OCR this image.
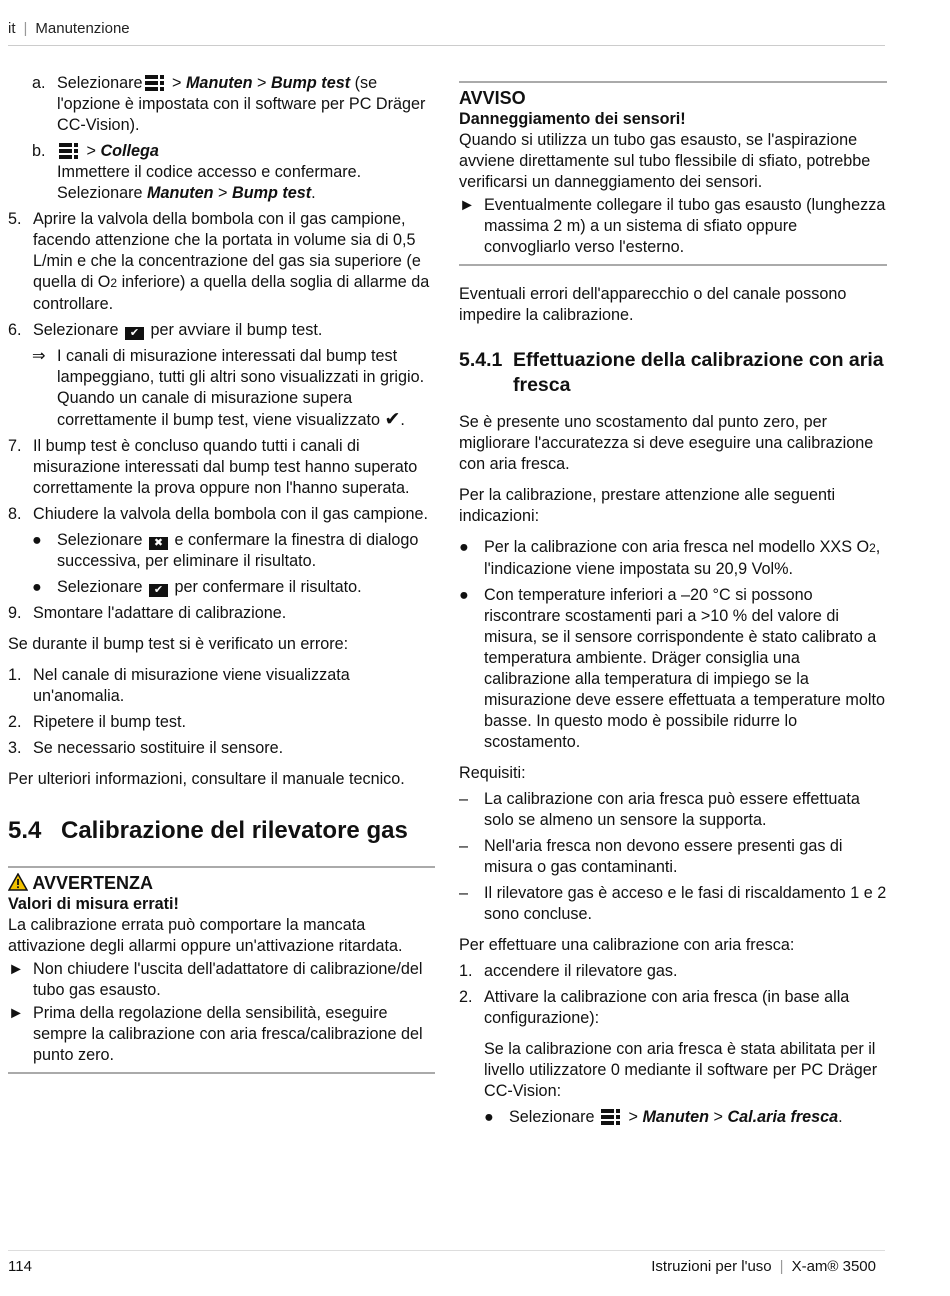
it | Manutenzione
a. Selezionare
> Manuten > Bump test (se l'opzione è impostata con il software per PC Dräger CC-Vision).
b.	> Collega
Immettere il codice accesso e confermare.
Selezionare Manuten > Bump test.
5. Aprire la valvola della bombola con il gas campione, facendo attenzione che la portata in volume sia di 0,5 L/min e che la concentrazione del gas sia superiore (e quella di O2 inferiore) a quella della soglia di allarme da controllare.
6. Selezionare ✔ per avviare il bump test.
⇒ I canali di misurazione interessati dal bump test lampeggiano, tutti gli altri sono visualizzati in grigio. Quando un canale di misurazione supera correttamente il bump test, viene visualizzato ✔.
7. Il bump test è concluso quando tutti i canali di misurazione interessati dal bump test hanno superato correttamente la prova oppure non l'hanno superata.
8. Chiudere la valvola della bombola con il gas campione.
● Selezionare ✖ e confermare la finestra di dialogo successiva, per eliminare il risultato.
● Selezionare ✔ per confermare il risultato.
9. Smontare l'adattare di calibrazione.

Se durante il bump test si è verificato un errore:

1. Nel canale di misurazione viene visualizzata un'anomalia.
2. Ripetere il bump test.
3. Se necessario sostituire il sensore.

Per ulteriori informazioni, consultare il manuale tecnico.

5.4 Calibrazione del rilevatore gas
AVVERTENZA

Valori di misura errati!

La calibrazione errata può comportare la mancata attivazione degli allarmi oppure un'attivazione ritardata.

► Non chiudere l'uscita dell'adattatore di calibrazione/del tubo gas esausto.
► Prima della regolazione della sensibilità, eseguire sempre la calibrazione con aria fresca/calibrazione del punto zero.
AVVISO

Danneggiamento dei sensori!

Quando si utilizza un tubo gas esausto, se l'aspirazione avviene direttamente sul tubo flessibile di sfiato, potrebbe verificarsi un danneggiamento dei sensori.

► Eventualmente collegare il tubo gas esausto (lunghezza massima 2 m) a un sistema di sfiato oppure convogliarlo verso l'esterno.

Eventuali errori dell'apparecchio o del canale possono impedire la calibrazione.

5.4.1 Effettuazione della calibrazione con aria fresca

Se è presente uno scostamento dal punto zero, per migliorare l'accuratezza si deve eseguire una calibrazione con aria fresca.

Per la calibrazione, prestare attenzione alle seguenti indicazioni:

● Per la calibrazione con aria fresca nel modello XXS O2, l'indicazione viene impostata su 20,9 Vol%.
● Con temperature inferiori a –20 °C si possono riscontrare scostamenti pari a >10 % del valore di misura, se il sensore corrispondente è stato calibrato a temperatura ambiente. Dräger consiglia una calibrazione alla temperatura di impiego se la misurazione deve essere effettuata a temperature molto basse. In questo modo è possibile ridurre lo scostamento.

Requisiti:

– La calibrazione con aria fresca può essere effettuata solo se almeno un sensore la supporta.
– Nell'aria fresca non devono essere presenti gas di misura o gas contaminanti.
– Il rilevatore gas è acceso e le fasi di riscaldamento 1 e 2 sono concluse.

Per effettuare una calibrazione con aria fresca:

1. accendere il rilevatore gas.
2. Attivare la calibrazione con aria fresca (in base alla configurazione):

Se la calibrazione con aria fresca è stata abilitata per il livello utilizzatore 0 mediante il software per PC Dräger CC-Vision:

● Selezionare
> Manuten > Cal.aria fresca.
114	Istruzioni per l'uso | X-am® 3500
